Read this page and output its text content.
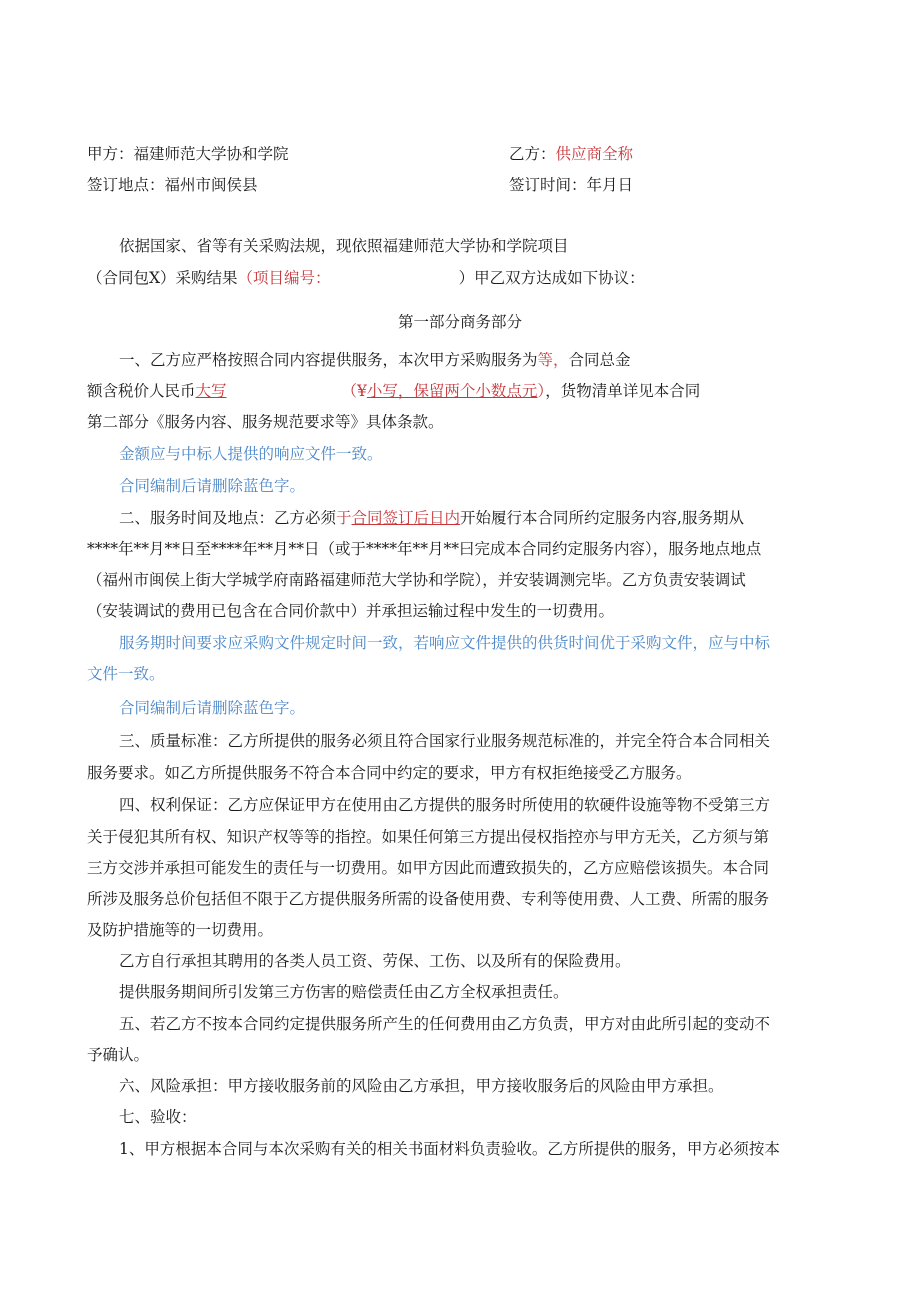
甲方：福建师范大学协和学院	乙方：供应商全称
签订地点：福州市闽侯县	签订时间：年月日
依据国家、省等有关采购法规，现依照福建师范大学协和学院项目
（合同包X）采购结果（项目编号：	）甲乙双方达成如下协议：
第一部分商务部分
一、乙方应严格按照合同内容提供服务，本次甲方采购服务为等，合同总金
额含税价人民币大写	（¥小写，保留两个小数点元），货物清单详见本合同
第二部分《服务内容、服务规范要求等》具体条款。
金额应与中标人提供的响应文件一致。
合同编制后请删除蓝色字。
二、服务时间及地点：乙方必须于合同签订后日内开始履行本合同所约定服务内容,服务期从
****年**月**日至****年**月**日（或于****年**月**曰完成本合同约定服务内容），服务地点地点
（福州市闽侯上街大学城学府南路福建师范大学协和学院），并安装调测完毕。乙方负责安装调试
（安装调试的费用已包含在合同价款中）并承担运输过程中发生的一切费用。
服务期时间要求应采购文件规定时间一致，若响应文件提供的供货时间优于采购文件，应与中标
文件一致。
合同编制后请删除蓝色字。
三、质量标准：乙方所提供的服务必须且符合国家行业服务规范标准的，并完全符合本合同相关
服务要求。如乙方所提供服务不符合本合同中约定的要求，甲方有权拒绝接受乙方服务。
四、权利保证：乙方应保证甲方在使用由乙方提供的服务时所使用的软硬件设施等物不受第三方
关于侵犯其所有权、知识产权等等的指控。如果任何第三方提出侵权指控亦与甲方无关，乙方须与第
三方交涉并承担可能发生的责任与一切费用。如甲方因此而遭致损失的，乙方应赔偿该损失。本合同
所涉及服务总价包括但不限于乙方提供服务所需的设备使用费、专利等使用费、人工费、所需的服务
及防护措施等的一切费用。
乙方自行承担其聘用的各类人员工资、劳保、工伤、以及所有的保险费用。
提供服务期间所引发第三方伤害的赔偿责任由乙方全权承担责任。
五、若乙方不按本合同约定提供服务所产生的任何费用由乙方负责，甲方对由此所引起的变动不
予确认。
六、风险承担：甲方接收服务前的风险由乙方承担，甲方接收服务后的风险由甲方承担。
七、验收：
1、甲方根据本合同与本次采购有关的相关书面材料负责验收。乙方所提供的服务，甲方必须按本
